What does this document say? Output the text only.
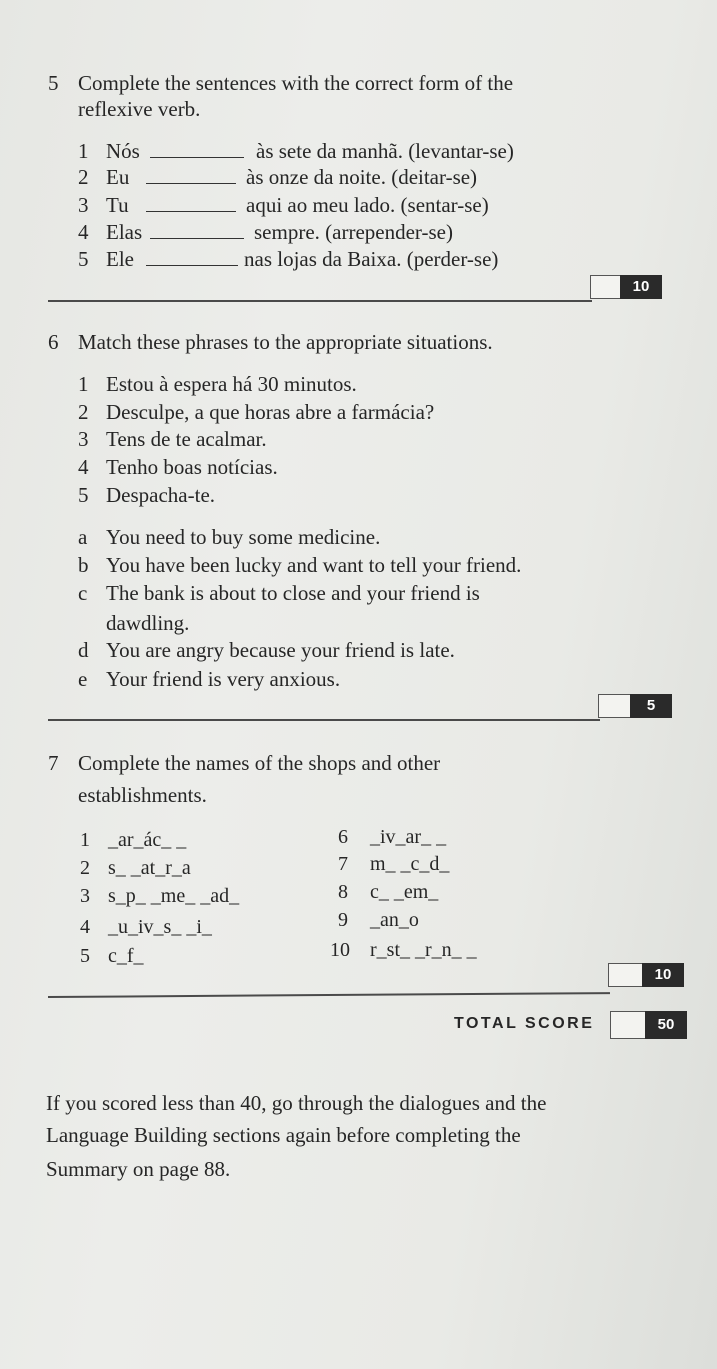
5 Complete the sentences with the correct form of the
reflexive verb.
1 Nós	às sete da manhã. (levantar-se)
2 Eu	às onze da noite. (deitar-se)
3 Tu	aqui ao meu lado. (sentar-se)
4 Elas	sempre. (arrepender-se)
5 Ele	nas lojas da Baixa. (perder-se)
10
6 Match these phrases to the appropriate situations.
1 Estou à espera há 30 minutos.
2 Desculpe, a que horas abre a farmácia?
3 Tens de te acalmar.
4 Tenho boas notícias.
5 Despacha-te.
a You need to buy some medicine.
b You have been lucky and want to tell your friend.
c The bank is about to close and your friend is
dawdling.
d You are angry because your friend is late.
e Your friend is very anxious.
5
7 Complete the names of the shops and other
establishments.
1 _ar_ác_ _
2 s_ _at_r_a
3 s_p_ _me_ _ad_
4 _u_iv_s_ _i_
5 c_f_
6 _iv_ar_ _
7 m_ _c_d_
8 c_ _em_
9 _an_o
10 r_st_ _r_n_ _
10
TOTAL SCORE	50
If you scored less than 40, go through the dialogues and the
Language Building sections again before completing the
Summary on page 88.
